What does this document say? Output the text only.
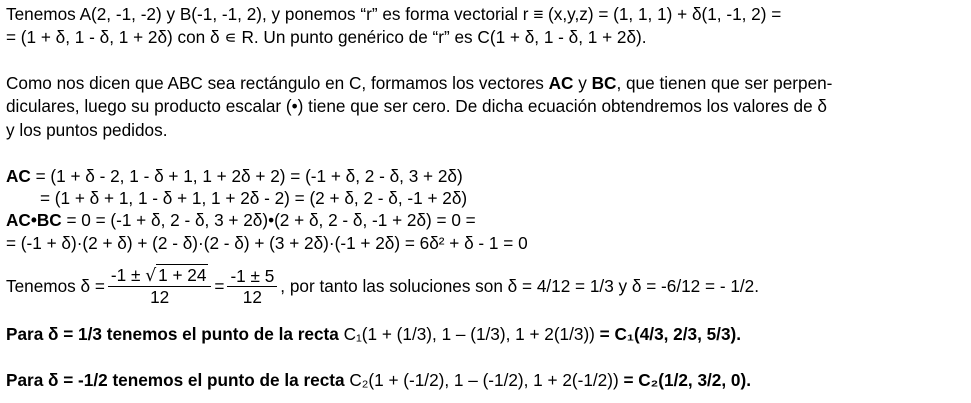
Tenemos A(2, -1, -2) y B(-1, -1, 2), y ponemos “r” es forma vectorial r ≡ (x,y,z) = (1, 1, 1) + δ(1, -1, 2) =
= (1 + δ, 1 - δ, 1 + 2δ) con δ ∊ R. Un punto genérico de “r” es C(1 + δ, 1 - δ, 1 + 2δ).
Como nos dicen que ABC sea rectángulo en C, formamos los vectores AC y BC, que tienen que ser perpen-
diculares, luego su producto escalar (•) tiene que ser cero. De dicha ecuación obtendremos los valores de δ
y los puntos pedidos.
AC = (1 + δ - 2, 1 - δ + 1, 1 + 2δ + 2) = (-1 + δ, 2 - δ, 3 + 2δ)
= (1 + δ + 1, 1 - δ + 1, 1 + 2δ - 2) = (2 + δ, 2 - δ, -1 + 2δ)
AC•BC = 0 = (-1 + δ, 2 - δ, 3 + 2δ)•(2 + δ, 2 - δ, -1 + 2δ) = 0 =
= (-1 + δ)·(2 + δ) + (2 - δ)·(2 - δ) + (3 + 2δ)·(-1 + 2δ) = 6δ² + δ - 1 = 0
Tenemos $\delta = \frac{-1 \pm √ 1 + 24}{12} = \frac{-1 \pm 5}{12}$ , por tanto las soluciones son δ = 4/12 = 1/3 y δ = -6/12 = - 1/2.
Para δ = 1/3 tenemos el punto de la recta C₁(1 + (1/3), 1 – (1/3), 1 + 2(1/3)) = C₁(4/3, 2/3, 5/3).
Para δ = -1/2 tenemos el punto de la recta C₂(1 + (-1/2), 1 – (-1/2), 1 + 2(-1/2)) = C₂(1/2, 3/2, 0).
